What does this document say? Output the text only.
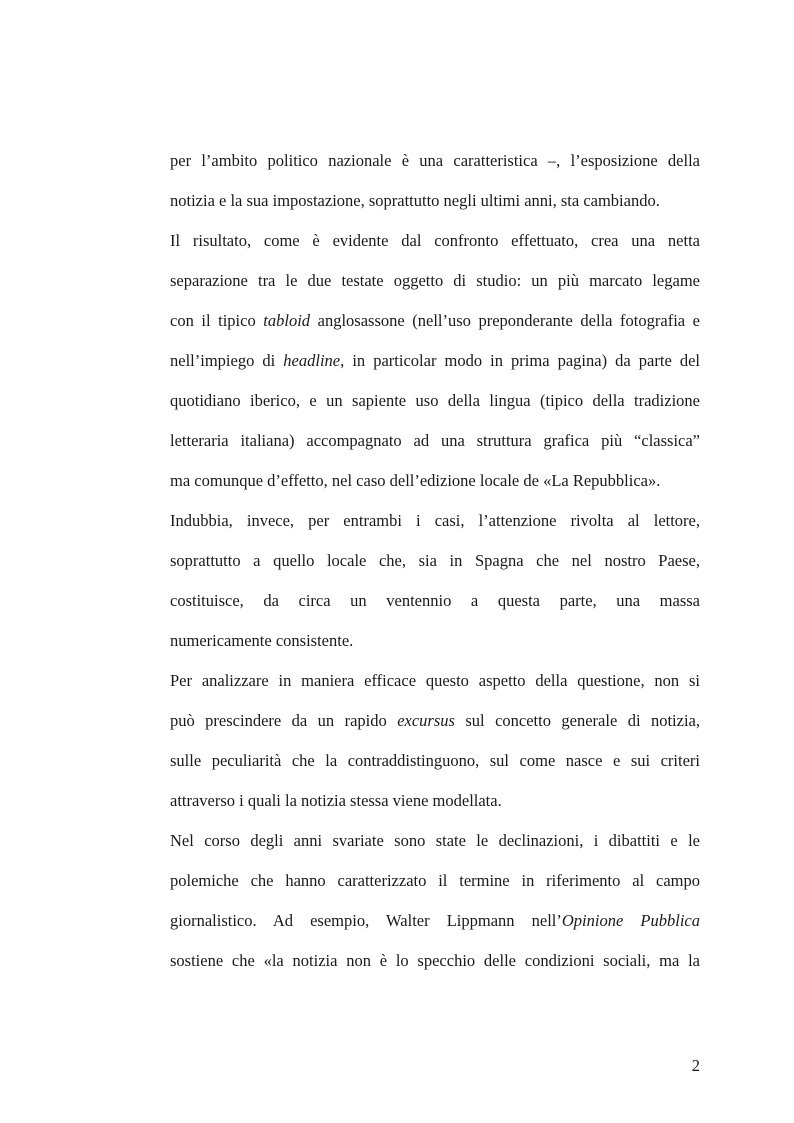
per l’ambito politico nazionale è una caratteristica –, l’esposizione della
notizia e la sua impostazione, soprattutto negli ultimi anni, sta cambiando.
Il risultato, come è evidente dal confronto effettuato, crea una netta
separazione tra le due testate oggetto di studio: un più marcato legame
con il tipico tabloid anglosassone (nell’uso preponderante della fotografia e
nell’impiego di headline, in particolar modo in prima pagina) da parte del
quotidiano iberico, e un sapiente uso della lingua (tipico della tradizione
letteraria italiana) accompagnato ad una struttura grafica più “classica”
ma comunque d’effetto, nel caso dell’edizione locale de «La Repubblica».
Indubbia, invece, per entrambi i casi, l’attenzione rivolta al lettore,
soprattutto a quello locale che, sia in Spagna che nel nostro Paese,
costituisce, da circa un ventennio a questa parte, una massa
numericamente consistente.
Per analizzare in maniera efficace questo aspetto della questione, non si
può prescindere da un rapido excursus sul concetto generale di notizia,
sulle peculiarità che la contraddistinguono, sul come nasce e sui criteri
attraverso i quali la notizia stessa viene modellata.
Nel corso degli anni svariate sono state le declinazioni, i dibattiti e le
polemiche che hanno caratterizzato il termine in riferimento al campo
giornalistico. Ad esempio, Walter Lippmann nell’Opinione Pubblica
sostiene che «la notizia non è lo specchio delle condizioni sociali, ma la
2
